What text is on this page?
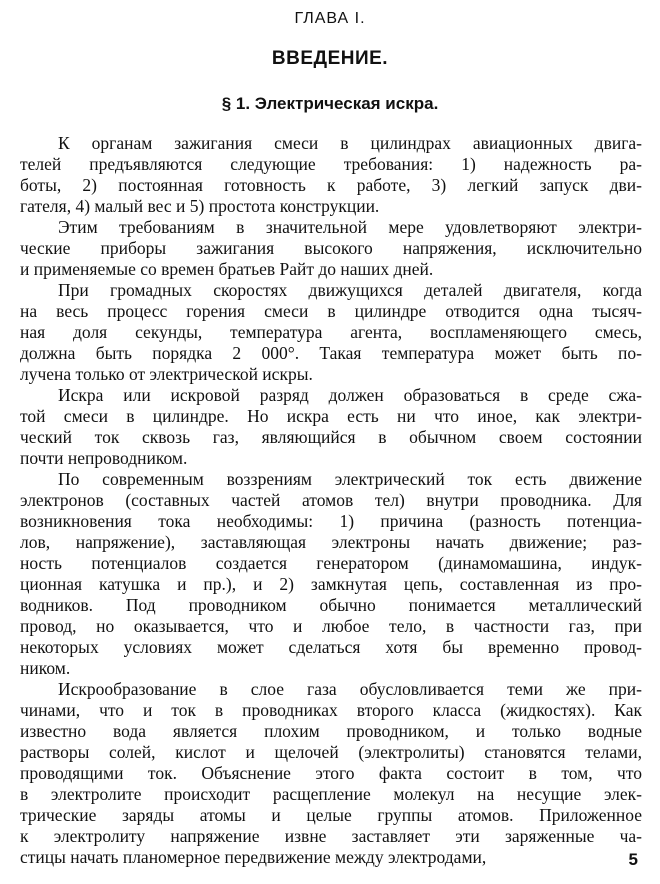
ГЛАВА I.
ВВЕДЕНИЕ.
§ 1. Электрическая искра.
К органам зажигания смеси в цилиндрах авиационных двига-
телей предъявляются следующие требования: 1) надежность ра-
боты, 2) постоянная готовность к работе, 3) легкий запуск дви-
гателя, 4) малый вес и 5) простота конструкции.
Этим требованиям в значительной мере удовлетворяют электри-
ческие приборы зажигания высокого напряжения, исключительно
и применяемые со времен братьев Райт до наших дней.
При громадных скоростях движущихся деталей двигателя, когда
на весь процесс горения смеси в цилиндре отводится одна тысяч-
ная доля секунды, температура агента, воспламеняющего смесь,
должна быть порядка 2 000°. Такая температура может быть по-
лучена только от электрической искры.
Искра или искровой разряд должен образоваться в среде сжа-
той смеси в цилиндре. Но искра есть ни что иное, как электри-
ческий ток сквозь газ, являющийся в обычном своем состоянии
почти непроводником.
По современным воззрениям электрический ток есть движение
электронов (составных частей атомов тел) внутри проводника. Для
возникновения тока необходимы: 1) причина (разность потенциа-
лов, напряжение), заставляющая электроны начать движение; раз-
ность потенциалов создается генератором (динамомашина, индук-
ционная катушка и пр.), и 2) замкнутая цепь, составленная из про-
водников. Под проводником обычно понимается металлический
провод, но оказывается, что и любое тело, в частности газ, при
некоторых условиях может сделаться хотя бы временно провод-
ником.
Искрообразование в слое газа обусловливается теми же при-
чинами, что и ток в проводниках второго класса (жидкостях). Как
известно вода является плохим проводником, и только водные
растворы солей, кислот и щелочей (электролиты) становятся телами,
проводящими ток. Объяснение этого факта состоит в том, что
в электролите происходит расщепление молекул на несущие элек-
трические заряды атомы и целые группы атомов. Приложенное
к электролиту напряжение извне заставляет эти заряженные ча-
стицы начать планомерное передвижение между электродами,	5
